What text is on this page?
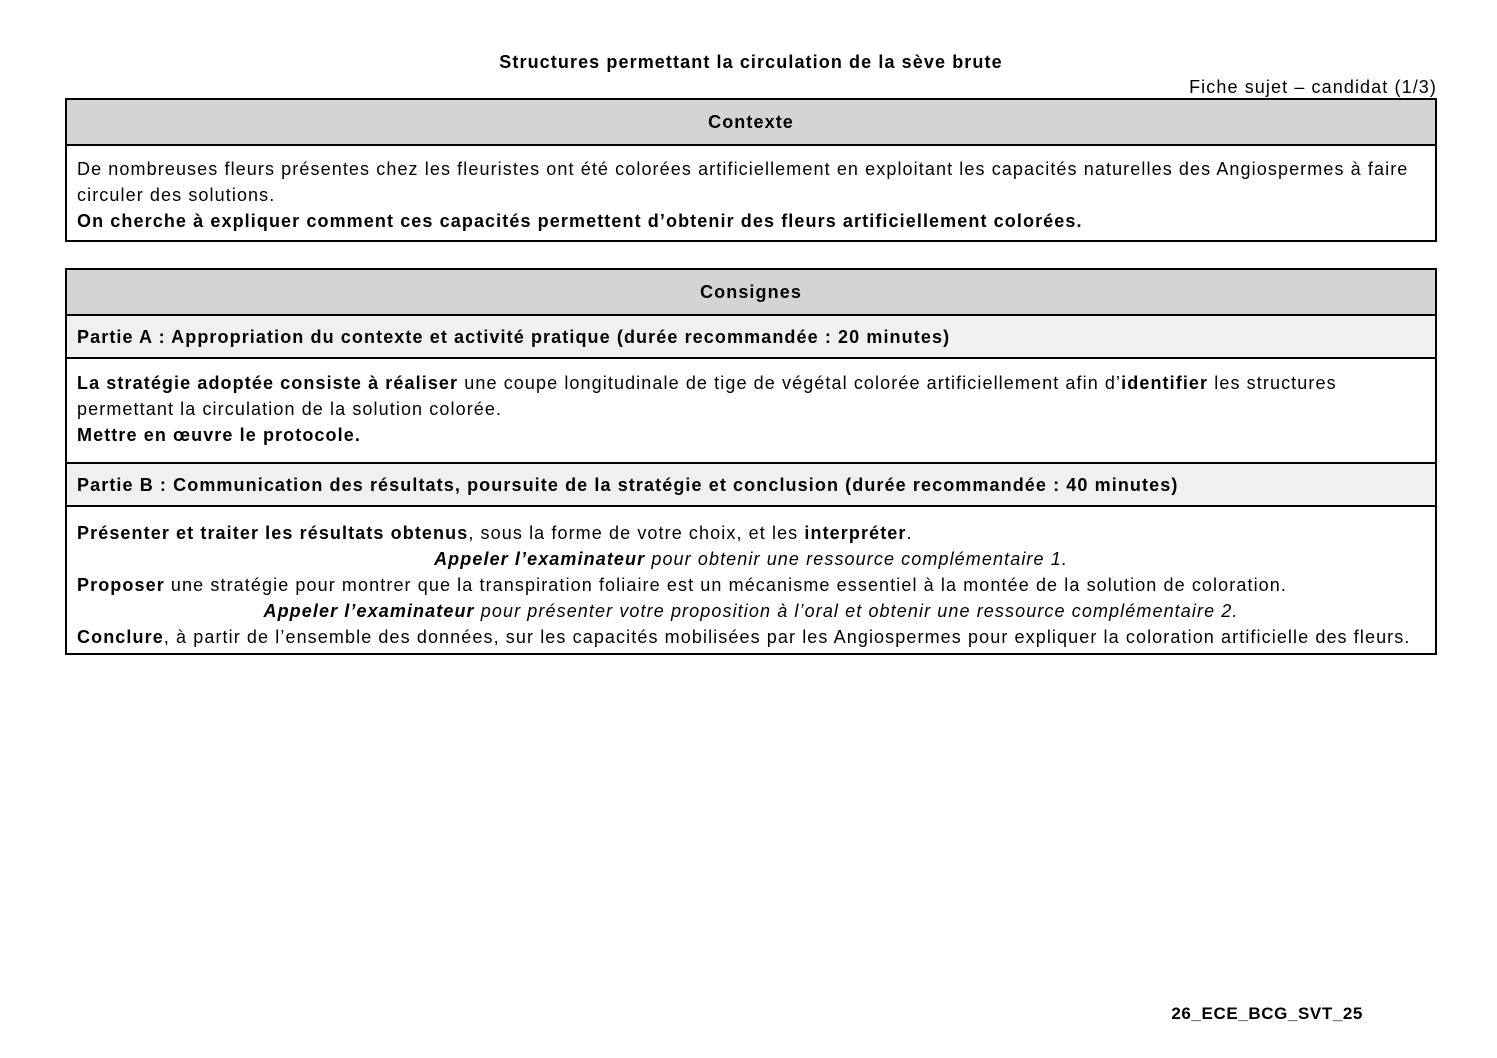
Structures permettant la circulation de la sève brute
Fiche sujet – candidat (1/3)
Contexte

De nombreuses fleurs présentes chez les fleuristes ont été colorées artificiellement en exploitant les capacités naturelles des Angiospermes à faire circuler des solutions.

On cherche à expliquer comment ces capacités permettent d’obtenir des fleurs artificiellement colorées.

Consignes
Partie A : Appropriation du contexte et activité pratique (durée recommandée : 20 minutes)

La stratégie adoptée consiste à réaliser une coupe longitudinale de tige de végétal colorée artificiellement afin d’identifier les structures permettant la circulation de la solution colorée.

Mettre en œuvre le protocole.

Partie B : Communication des résultats, poursuite de la stratégie et conclusion (durée recommandée : 40 minutes)

Présenter et traiter les résultats obtenus, sous la forme de votre choix, et les interpréter.

Appeler l’examinateur pour obtenir une ressource complémentaire 1.

Proposer une stratégie pour montrer que la transpiration foliaire est un mécanisme essentiel à la montée de la solution de coloration.

Appeler l’examinateur pour présenter votre proposition à l’oral et obtenir une ressource complémentaire 2.

Conclure, à partir de l’ensemble des données, sur les capacités mobilisées par les Angiospermes pour expliquer la coloration artificielle des fleurs.

26_ECE_BCG_SVT_25
